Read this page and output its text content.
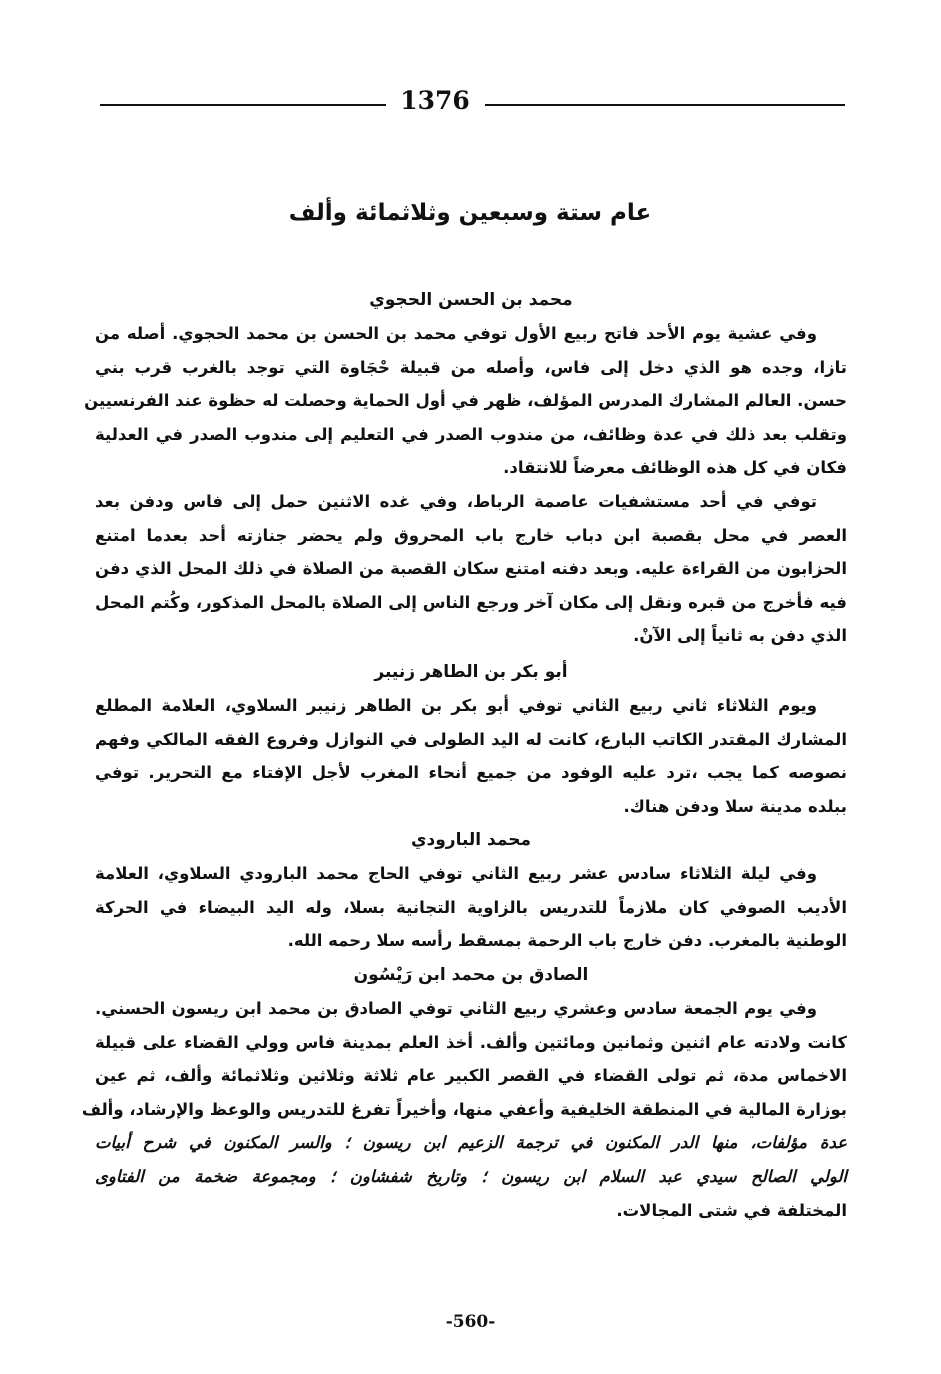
1376
عام ستة وسبعين وثلاثمائة وألف
محمد بن الحسن الحجوي
وفي عشية يوم الأحد فاتح ربيع الأول توفي محمد بن الحسن بن محمد الحجوي. أصله من
تازا، وجده هو الذي دخل إلى فاس، وأصله من قبيلة حْجَاوة التي توجد بالغرب قرب بني
حسن. العالم المشارك المدرس المؤلف، ظهر في أول الحماية وحصلت له حظوة عند الفرنسيين
وتقلب بعد ذلك في عدة وظائف، من مندوب الصدر في التعليم إلى مندوب الصدر في العدلية
فكان في كل هذه الوظائف معرضاً للانتقاد.
توفي في أحد مستشفيات عاصمة الرباط، وفي غده الاثنين حمل إلى فاس ودفن بعد
العصر في محل بقصبة ابن دباب خارج باب المحروق ولم يحضر جنازته أحد بعدما امتنع
الحزابون من القراءة عليه. وبعد دفنه امتنع سكان القصبة من الصلاة في ذلك المحل الذي دفن
فيه فأخرج من قبره ونقل إلى مكان آخر ورجع الناس إلى الصلاة بالمحل المذكور، وكُتم المحل
الذي دفن به ثانياً إلى الآنْ.
أبو بكر بن الطاهر زنيبر
ويوم الثلاثاء ثاني ربيع الثاني توفي أبو بكر بن الطاهر زنيبر السلاوي، العلامة المطلع
المشارك المقتدر الكاتب البارع، كانت له اليد الطولى في النوازل وفروع الفقه المالكي وفهم
نصوصه كما يجب ،ترد عليه الوفود من جميع أنحاء المغرب لأجل الإفتاء مع التحرير. توفي
ببلده مدينة سلا ودفن هناك.
محمد البارودي
وفي ليلة الثلاثاء سادس عشر ربيع الثاني توفي الحاج محمد البارودي السلاوي، العلامة
الأديب الصوفي كان ملازماً للتدريس بالزاوية التجانية بسلا، وله اليد البيضاء في الحركة
الوطنية بالمغرب. دفن خارج باب الرحمة بمسقط رأسه سلا رحمه الله.
الصادق بن محمد ابن رَيْسُون
وفي يوم الجمعة سادس وعشري ربيع الثاني توفي الصادق بن محمد ابن ريسون الحسني.
كانت ولادته عام اثنين وثمانين ومائتين وألف. أخذ العلم بمدينة فاس وولي القضاء على قبيلة
الاخماس مدة، ثم تولى القضاء في القصر الكبير عام ثلاثة وثلاثين وثلاثمائة وألف، ثم عين
بوزارة المالية في المنطقة الخليفية وأعفي منها، وأخيراً تفرغ للتدريس والوعظ والإرشاد، وألف
عدة مؤلفات، منها الدر المكنون في ترجمة الزعيم ابن ريسون ؛ والسر المكنون في شرح أبيات
الولي الصالح سيدي عبد السلام ابن ريسون ؛ وتاريخ شفشاون ؛ ومجموعة ضخمة من الفتاوى
المختلفة في شتى المجالات.
-560-
